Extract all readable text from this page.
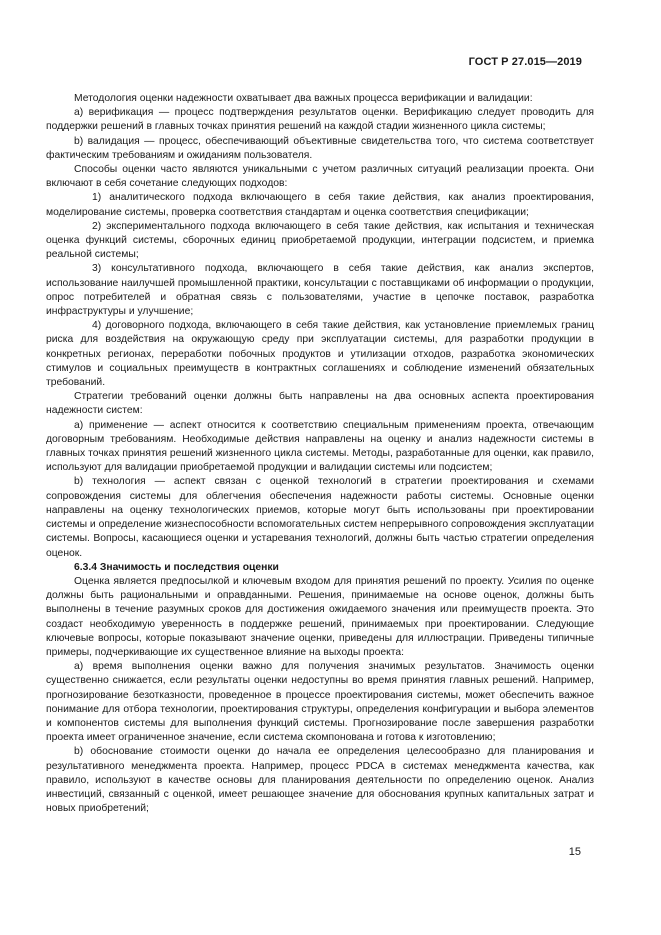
ГОСТ Р 27.015—2019

Методология оценки надежности охватывает два важных процесса верификации и валидации:

a) верификация — процесс подтверждения результатов оценки. Верификацию следует проводить для поддержки решений в главных точках принятия решений на каждой стадии жизненного цикла системы;

b) валидация — процесс, обеспечивающий объективные свидетельства того, что система соответствует фактическим требованиям и ожиданиям пользователя.

Способы оценки часто являются уникальными с учетом различных ситуаций реализации проекта. Они включают в себя сочетание следующих подходов:

1) аналитического подхода включающего в себя такие действия, как анализ проектирования, моделирование системы, проверка соответствия стандартам и оценка соответствия спецификации;

2) экспериментального подхода включающего в себя такие действия, как испытания и техническая оценка функций системы, сборочных единиц приобретаемой продукции, интеграции подсистем, и приемка реальной системы;

3) консультативного подхода, включающего в себя такие действия, как анализ экспертов, использование наилучшей промышленной практики, консультации с поставщиками об информации о продукции, опрос потребителей и обратная связь с пользователями, участие в цепочке поставок, разработка инфраструктуры и улучшение;

4) договорного подхода, включающего в себя такие действия, как установление приемлемых границ риска для воздействия на окружающую среду при эксплуатации системы, для разработки продукции в конкретных регионах, переработки побочных продуктов и утилизации отходов, разработка экономических стимулов и социальных преимуществ в контрактных соглашениях и соблюдение изменений обязательных требований.

Стратегии требований оценки должны быть направлены на два основных аспекта проектирования надежности систем:

a) применение — аспект относится к соответствию специальным применениям проекта, отвечающим договорным требованиям. Необходимые действия направлены на оценку и анализ надежности системы в главных точках принятия решений жизненного цикла системы. Методы, разработанные для оценки, как правило, используют для валидации приобретаемой продукции и валидации системы или подсистем;

b) технология — аспект связан с оценкой технологий в стратегии проектирования и схемами сопровождения системы для облегчения обеспечения надежности работы системы. Основные оценки направлены на оценку технологических приемов, которые могут быть использованы при проектировании системы и определение жизнеспособности вспомогательных систем непрерывного сопровождения эксплуатации системы. Вопросы, касающиеся оценки и устаревания технологий, должны быть частью стратегии определения оценок.

6.3.4 Значимость и последствия оценки

Оценка является предпосылкой и ключевым входом для принятия решений по проекту. Усилия по оценке должны быть рациональными и оправданными. Решения, принимаемые на основе оценок, должны быть выполнены в течение разумных сроков для достижения ожидаемого значения или преимуществ проекта. Это создаст необходимую уверенность в поддержке решений, принимаемых при проектировании. Следующие ключевые вопросы, которые показывают значение оценки, приведены для иллюстрации. Приведены типичные примеры, подчеркивающие их существенное влияние на выходы проекта:

a) время выполнения оценки важно для получения значимых результатов. Значимость оценки существенно снижается, если результаты оценки недоступны во время принятия главных решений. Например, прогнозирование безотказности, проведенное в процессе проектирования системы, может обеспечить важное понимание для отбора технологии, проектирования структуры, определения конфигурации и выбора элементов и компонентов системы для выполнения функций системы. Прогнозирование после завершения разработки проекта имеет ограниченное значение, если система скомпонована и готова к изготовлению;

b) обоснование стоимости оценки до начала ее определения целесообразно для планирования и результативного менеджмента проекта. Например, процесс PDCA в системах менеджмента качества, как правило, используют в качестве основы для планирования деятельности по определению оценок. Анализ инвестиций, связанный с оценкой, имеет решающее значение для обоснования крупных капитальных затрат и новых приобретений;

15
